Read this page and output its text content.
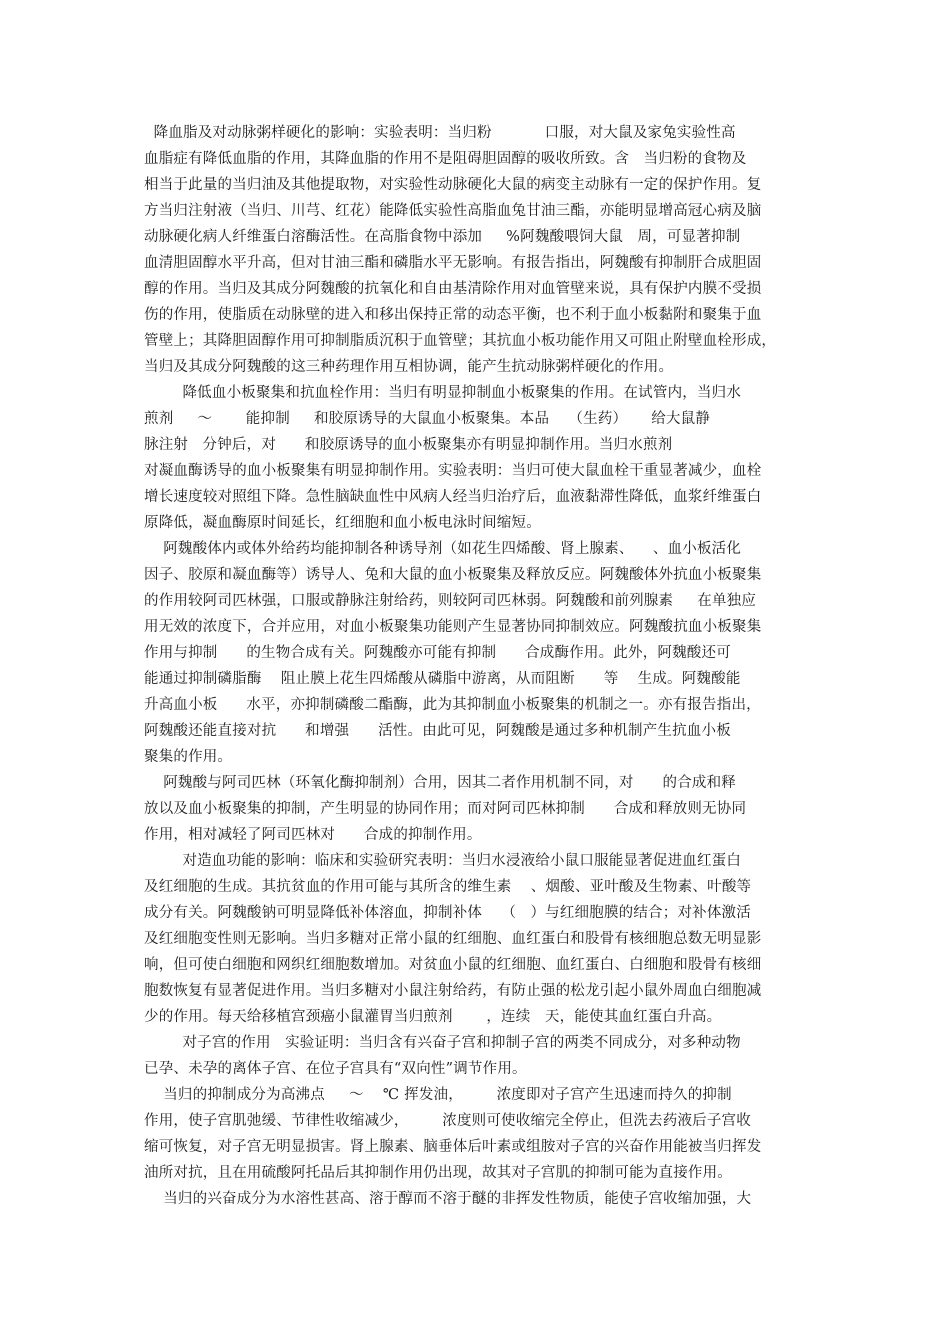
降血脂及对动脉粥样硬化的影响：实验表明：当归粉           口服，对大鼠及家兔实验性高
血脂症有降低血脂的作用，其降血脂的作用不是阻碍胆固醇的吸收所致。含   当归粉的食物及
相当于此量的当归油及其他提取物，对实验性动脉硬化大鼠的病变主动脉有一定的保护作用。复
方当归注射液（当归、川芎、红花）能降低实验性高脂血兔甘油三酯，亦能明显增高冠心病及脑
动脉硬化病人纤维蛋白溶酶活性。在高脂食物中添加     %阿魏酸喂饲大鼠   周，可显著抑制
血清胆固醇水平升高，但对甘油三酯和磷脂水平无影响。有报告指出，阿魏酸有抑制肝合成胆固
醇的作用。当归及其成分阿魏酸的抗氧化和自由基清除作用对血管壁来说，具有保护内膜不受损
伤的作用，使脂质在动脉壁的进入和移出保持正常的动态平衡，也不利于血小板黏附和聚集于血
管壁上；其降胆固醇作用可抑制脂质沉积于血管壁；其抗血小板功能作用又可阻止附壁血栓形成，
当归及其成分阿魏酸的这三种药理作用互相协调，能产生抗动脉粥样硬化的作用。
降低血小板聚集和抗血栓作用：当归有明显抑制血小板聚集的作用。在试管内，当归水
煎剂     ～       能抑制     和胶原诱导的大鼠血小板聚集。本品    （生药）     给大鼠静
脉注射   分钟后，对      和胶原诱导的血小板聚集亦有明显抑制作用。当归水煎剂
对凝血酶诱导的血小板聚集有明显抑制作用。实验表明：当归可使大鼠血栓干重显著减少，血栓
增长速度较对照组下降。急性脑缺血性中风病人经当归治疗后，血液黏滞性降低，血浆纤维蛋白
原降低，凝血酶原时间延长，红细胞和血小板电泳时间缩短。
阿魏酸体内或体外给药均能抑制各种诱导剂（如花生四烯酸、肾上腺素、    、血小板活化
因子、胶原和凝血酶等）诱导人、兔和大鼠的血小板聚集及释放反应。阿魏酸体外抗血小板聚集
的作用较阿司匹林强，口服或静脉注射给药，则较阿司匹林弱。阿魏酸和前列腺素     在单独应
用无效的浓度下，合并应用，对血小板聚集功能则产生显著协同抑制效应。阿魏酸抗血小板聚集
作用与抑制      的生物合成有关。阿魏酸亦可能有抑制      合成酶作用。此外，阿魏酸还可
能通过抑制磷脂酶    阻止膜上花生四烯酸从磷脂中游离，从而阻断      等    生成。阿魏酸能
升高血小板      水平，亦抑制磷酸二酯酶，此为其抑制血小板聚集的机制之一。亦有报告指出，
阿魏酸还能直接对抗      和增强      活性。由此可见，阿魏酸是通过多种机制产生抗血小板
聚集的作用。
阿魏酸与阿司匹林（环氧化酶抑制剂）合用，因其二者作用机制不同，对      的合成和释
放以及血小板聚集的抑制，产生明显的协同作用；而对阿司匹林抑制      合成和释放则无协同
作用，相对减轻了阿司匹林对      合成的抑制作用。
对造血功能的影响：临床和实验研究表明：当归水浸液给小鼠口服能显著促进血红蛋白
及红细胞的生成。其抗贫血的作用可能与其所含的维生素    、烟酸、亚叶酸及生物素、叶酸等
成分有关。阿魏酸钠可明显降低补体溶血，抑制补体    （   ）与红细胞膜的结合；对补体激活
及红细胞变性则无影响。当归多糖对正常小鼠的红细胞、血红蛋白和股骨有核细胞总数无明显影
响，但可使白细胞和网织红细胞数增加。对贫血小鼠的红细胞、血红蛋白、白细胞和股骨有核细
胞数恢复有显著促进作用。当归多糖对小鼠注射给药，有防止强的松龙引起小鼠外周血白细胞减
少的作用。每天给移植宫颈癌小鼠灌胃当归煎剂       ，连续   天，能使其血红蛋白升高。
对子宫的作用   实验证明：当归含有兴奋子宫和抑制子宫的两类不同成分，对多种动物
已孕、未孕的离体子宫、在位子宫具有“双向性”调节作用。
当归的抑制成分为高沸点     ～    ℃ 挥发油，       浓度即对子宫产生迅速而持久的抑制
作用，使子宫肌弛缓、节律性收缩减少，       浓度则可使收缩完全停止，但洗去药液后子宫收
缩可恢复，对子宫无明显损害。肾上腺素、脑垂体后叶素或组胺对子宫的兴奋作用能被当归挥发
油所对抗，且在用硫酸阿托品后其抑制作用仍出现，故其对子宫肌的抑制可能为直接作用。
当归的兴奋成分为水溶性甚高、溶于醇而不溶于醚的非挥发性物质，能使子宫收缩加强，大
